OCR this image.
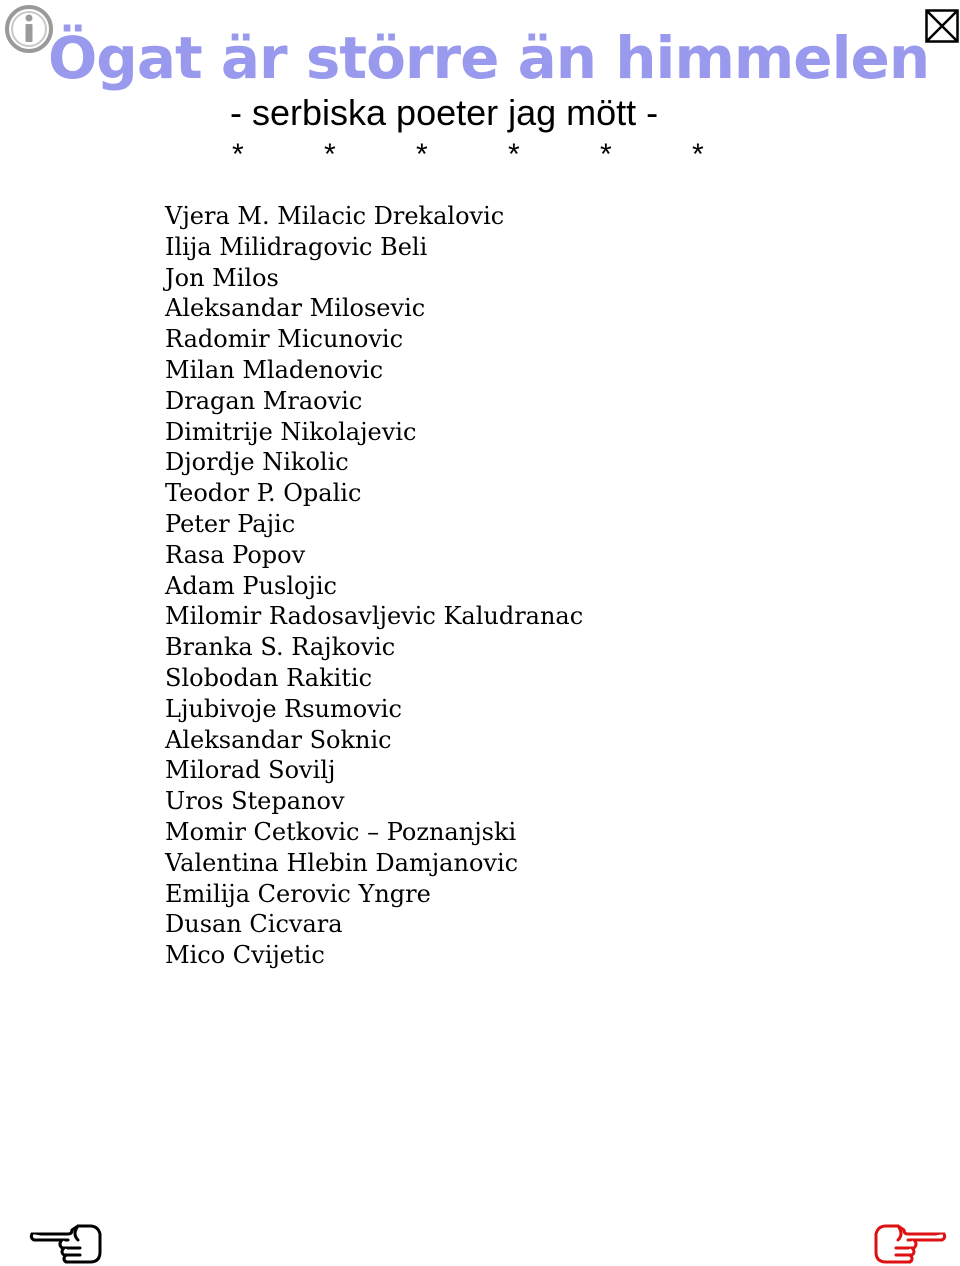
Ögat är större än himmelen
- serbiska poeter jag mött -
*	*	*	*	*	*
Vjera M. Milacic Drekalovic
Ilija Milidragovic Beli
Jon Milos
Aleksandar Milosevic
Radomir Micunovic
Milan Mladenovic
Dragan Mraovic
Dimitrije Nikolajevic
Djordje Nikolic
Teodor P. Opalic
Peter Pajic
Rasa Popov
Adam Puslojic
Milomir Radosavljevic Kaludranac
Branka S. Rajkovic
Slobodan Rakitic
Ljubivoje Rsumovic
Aleksandar Soknic
Milorad Sovilj
Uros Stepanov
Momir Cetkovic – Poznanjski
Valentina Hlebin Damjanovic
Emilija Cerovic Yngre
Dusan Cicvara
Mico Cvijetic
